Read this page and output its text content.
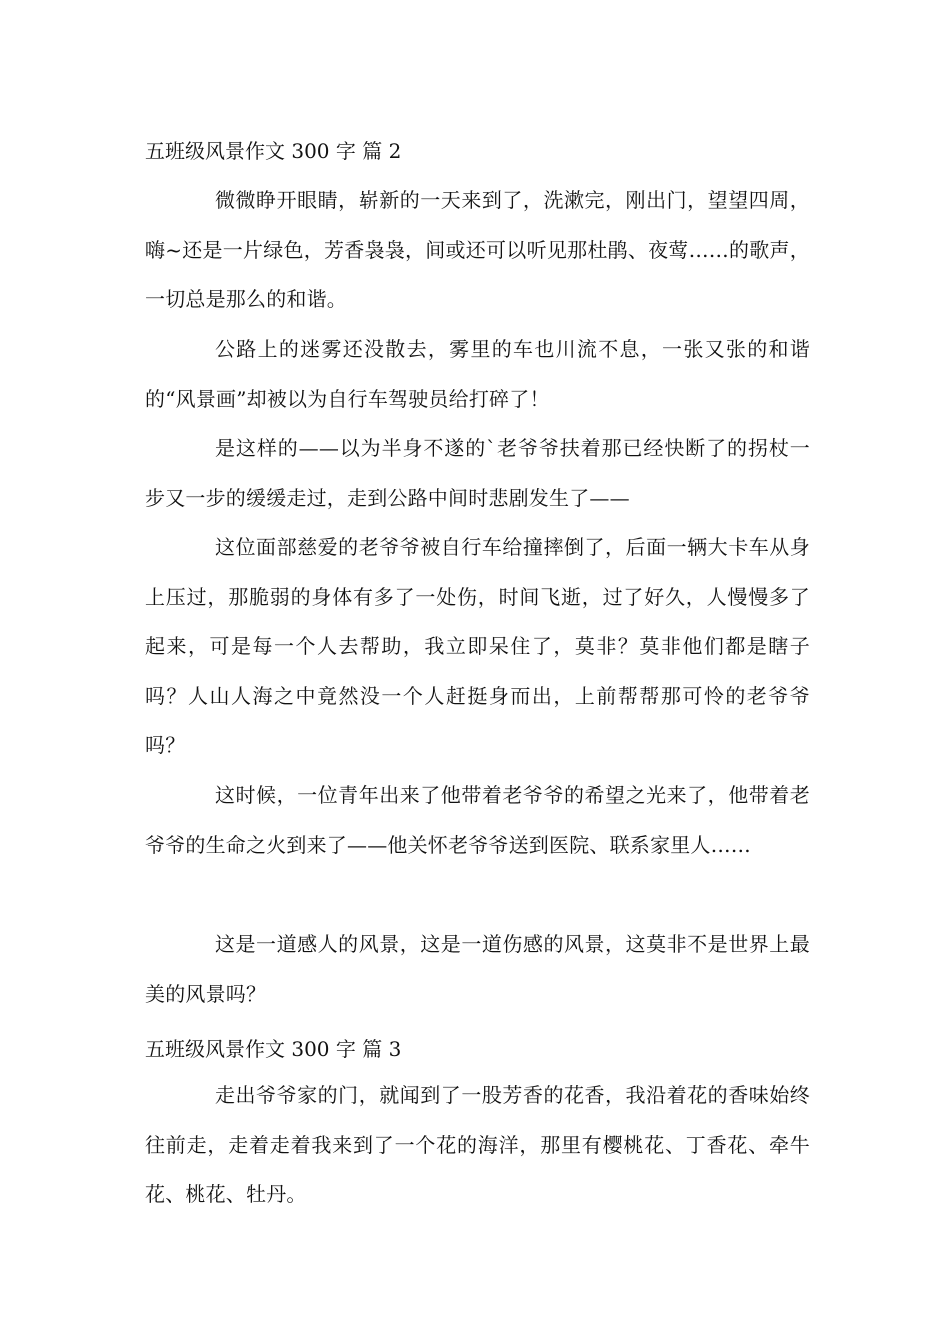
五班级风景作文 300 字 篇 2

微微睁开眼睛，崭新的一天来到了，洗漱完，刚出门，望望四周，嗨~还是一片绿色，芳香袅袅，间或还可以听见那杜鹃、夜莺……的歌声，一切总是那么的和谐。

公路上的迷雾还没散去，雾里的车也川流不息，一张又张的和谐的“风景画”却被以为自行车驾驶员给打碎了！

是这样的——以为半身不遂的`老爷爷扶着那已经快断了的拐杖一步又一步的缓缓走过，走到公路中间时悲剧发生了——

这位面部慈爱的老爷爷被自行车给撞摔倒了，后面一辆大卡车从身上压过，那脆弱的身体有多了一处伤，时间飞逝，过了好久，人慢慢多了起来，可是每一个人去帮助，我立即呆住了，莫非？莫非他们都是瞎子吗？人山人海之中竟然没一个人赶挺身而出，上前帮帮那可怜的老爷爷吗？

这时候，一位青年出来了他带着老爷爷的希望之光来了，他带着老爷爷的生命之火到来了——他关怀老爷爷送到医院、联系家里人……

这是一道感人的风景，这是一道伤感的风景，这莫非不是世界上最美的风景吗？

五班级风景作文 300 字 篇 3

走出爷爷家的门，就闻到了一股芳香的花香，我沿着花的香味始终往前走，走着走着我来到了一个花的海洋，那里有樱桃花、丁香花、牵牛花、桃花、牡丹。
